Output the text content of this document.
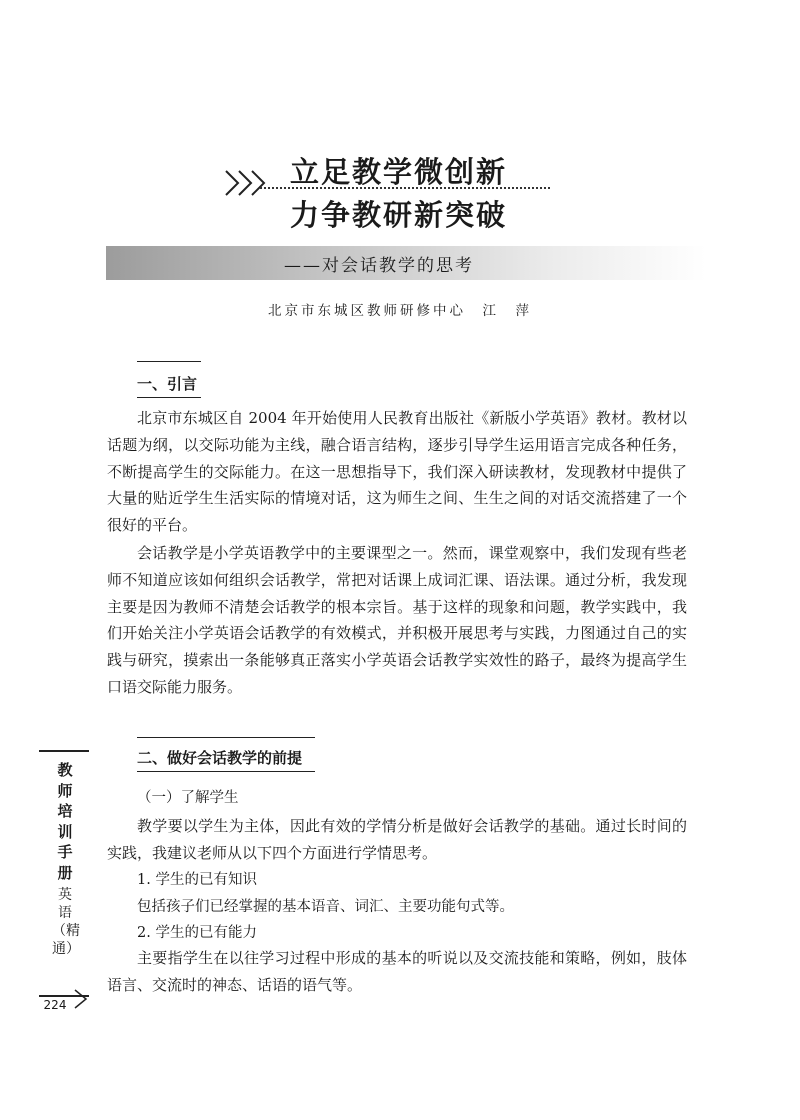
立足教学微创新
力争教研新突破
——对会话教学的思考
北京市东城区教师研修中心　江　萍
一、引言

北京市东城区自 2004 年开始使用人民教育出版社《新版小学英语》教材。教材以话题为纲，以交际功能为主线，融合语言结构，逐步引导学生运用语言完成各种任务，不断提高学生的交际能力。在这一思想指导下，我们深入研读教材，发现教材中提供了大量的贴近学生生活实际的情境对话，这为师生之间、生生之间的对话交流搭建了一个很好的平台。

会话教学是小学英语教学中的主要课型之一。然而，课堂观察中，我们发现有些老师不知道应该如何组织会话教学，常把对话课上成词汇课、语法课。通过分析，我发现主要是因为教师不清楚会话教学的根本宗旨。基于这样的现象和问题，教学实践中，我们开始关注小学英语会话教学的有效模式，并积极开展思考与实践，力图通过自己的实践与研究，摸索出一条能够真正落实小学英语会话教学实效性的路子，最终为提高学生口语交际能力服务。

二、做好会话教学的前提
（一）了解学生

教学要以学生为主体，因此有效的学情分析是做好会话教学的基础。通过长时间的实践，我建议老师从以下四个方面进行学情思考。

1. 学生的已有知识
包括孩子们已经掌握的基本语音、词汇、主要功能句式等。
2. 学生的已有能力

主要指学生在以往学习过程中形成的基本的听说以及交流技能和策略，例如，肢体语言、交流时的神态、话语的语气等。

教师培训手册
英语（精通）
224
